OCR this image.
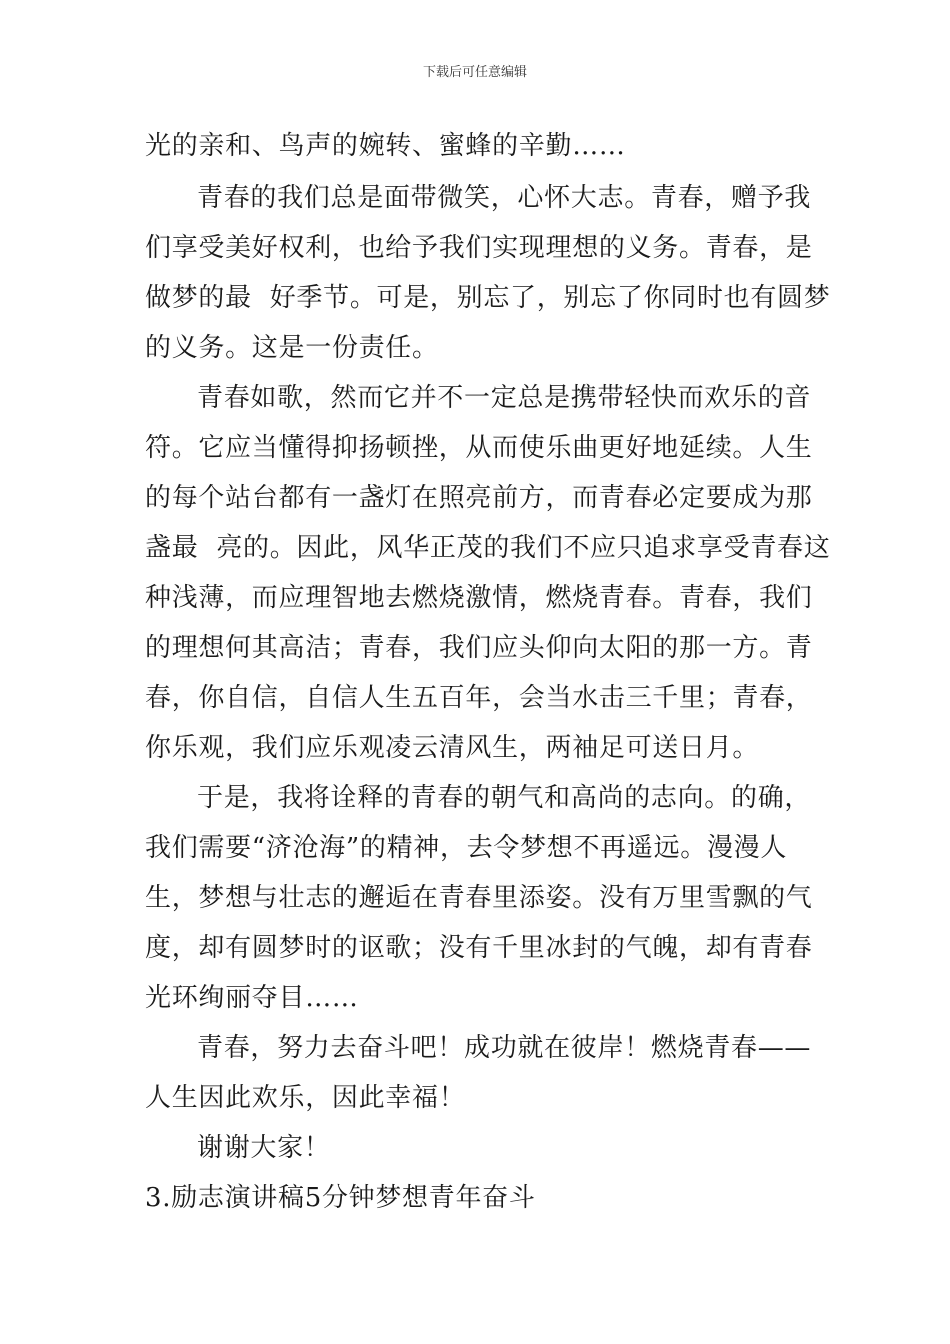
下载后可任意编辑
光的亲和、鸟声的婉转、蜜蜂的辛勤……
青春的我们总是面带微笑，心怀大志。青春，赠予我
们享受美好权利，也给予我们实现理想的义务。青春，是
做梦的最  好季节。可是，别忘了，别忘了你同时也有圆梦
的义务。这是一份责任。
青春如歌，然而它并不一定总是携带轻快而欢乐的音
符。它应当懂得抑扬顿挫，从而使乐曲更好地延续。人生
的每个站台都有一盏灯在照亮前方，而青春必定要成为那
盏最  亮的。因此，风华正茂的我们不应只追求享受青春这
种浅薄，而应理智地去燃烧激情，燃烧青春。青春，我们
的理想何其高洁；青春，我们应头仰向太阳的那一方。青
春，你自信，自信人生五百年，会当水击三千里；青春，
你乐观，我们应乐观凌云清风生，两袖足可送日月。
于是，我将诠释的青春的朝气和高尚的志向。的确，
我们需要“济沧海”的精神，去令梦想不再遥远。漫漫人
生，梦想与壮志的邂逅在青春里添姿。没有万里雪飘的气
度，却有圆梦时的讴歌；没有千里冰封的气魄，却有青春
光环绚丽夺目……
青春，努力去奋斗吧！成功就在彼岸！燃烧青春——
人生因此欢乐，因此幸福！
谢谢大家！
3.励志演讲稿5分钟梦想青年奋斗
